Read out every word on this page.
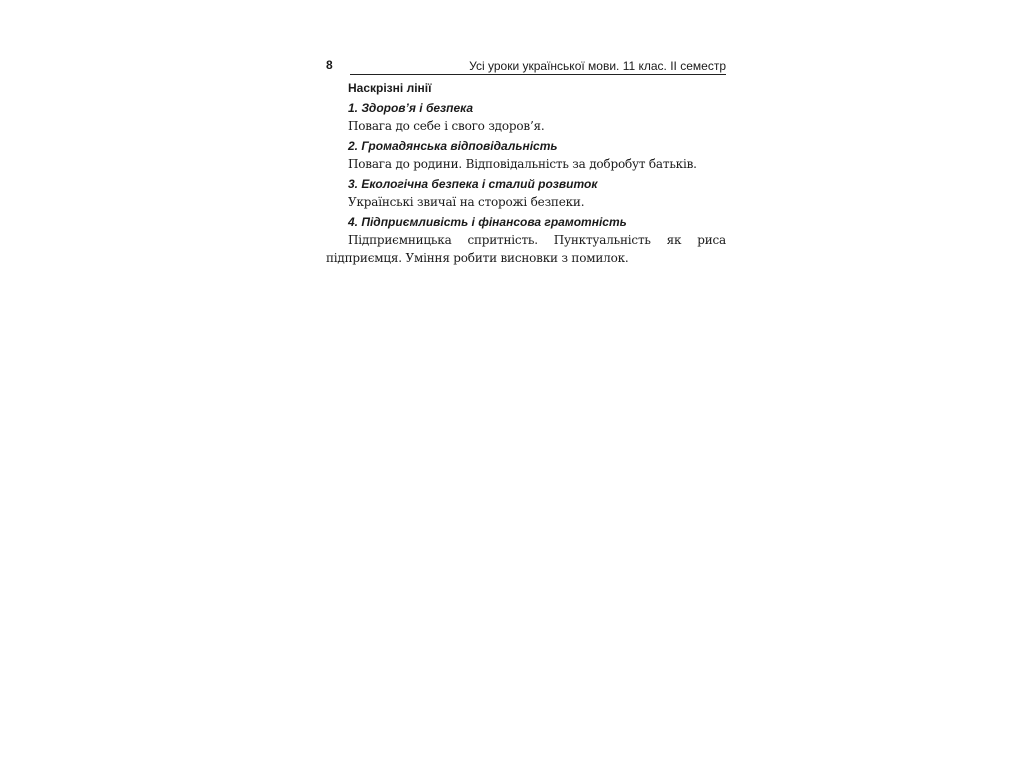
8	Усі уроки української мови. 11 клас. ІІ семестр
Наскрізні лінії
1. Здоров’я і безпека
Повага до себе і свого здоров’я.
2. Громадянська відповідальність
Повага до родини. Відповідальність за добробут батьків.
3. Екологічна безпека і сталий розвиток
Українські звичаї на сторожі безпеки.
4. Підприємливість і фінансова грамотність
Підприємницька спритність. Пунктуальність як риса підприємця. Уміння робити висновки з помилок.
